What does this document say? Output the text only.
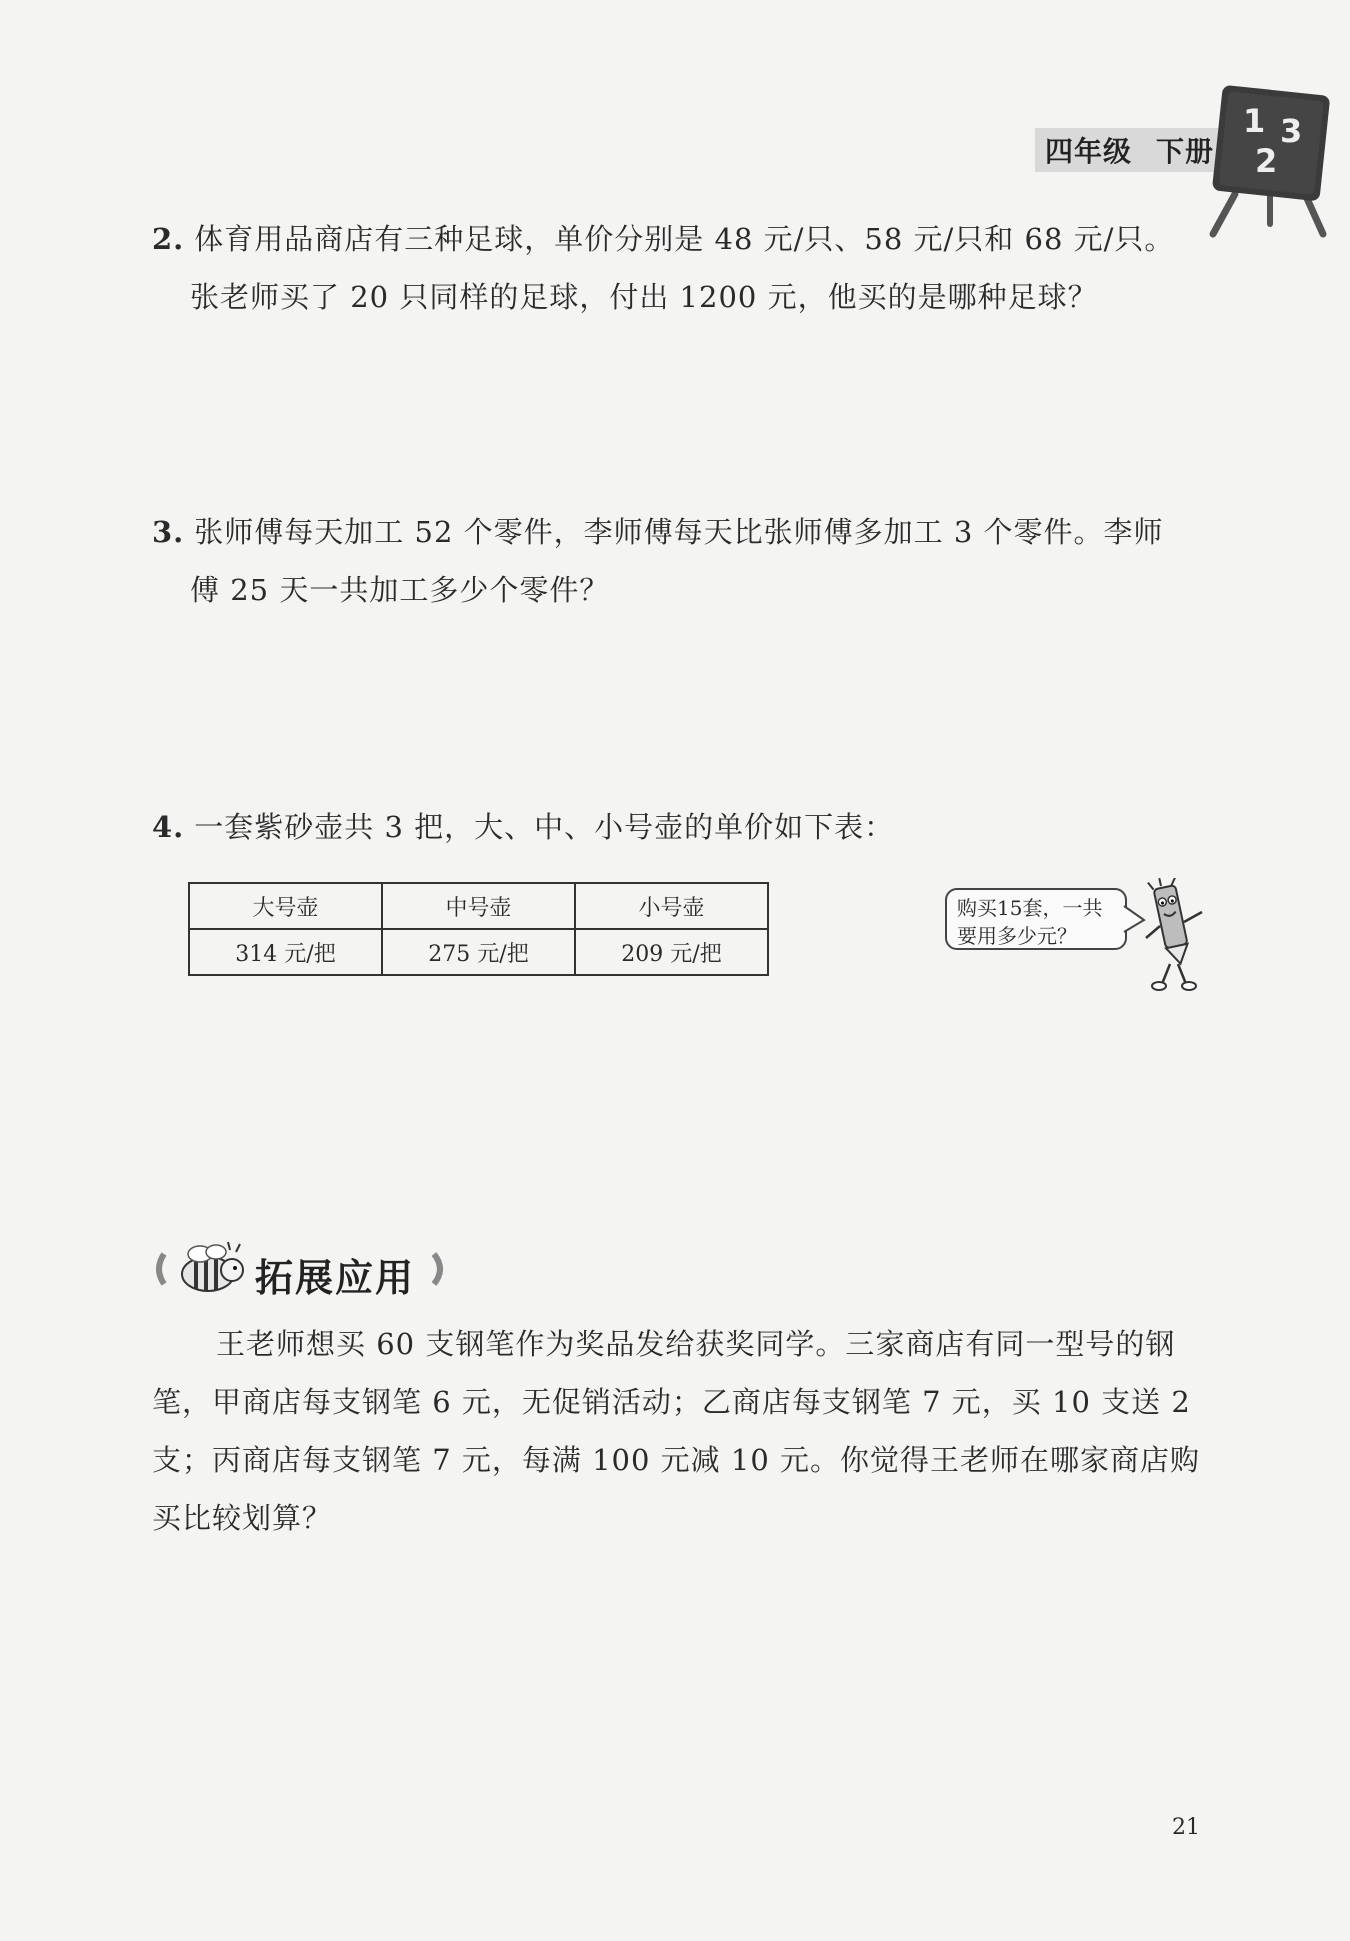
四年级 下册
1 3
2
2. 体育用品商店有三种足球，单价分别是 48 元/只、58 元/只和 68 元/只。
张老师买了 20 只同样的足球，付出 1200 元，他买的是哪种足球？
3. 张师傅每天加工 52 个零件，李师傅每天比张师傅多加工 3 个零件。李师
傅 25 天一共加工多少个零件？
4. 一套紫砂壶共 3 把，大、中、小号壶的单价如下表：
大号壶	中号壶	小号壶
314 元/把	275 元/把	209 元/把
购买15套，一共
要用多少元？
拓展应用

王老师想买 60 支钢笔作为奖品发给获奖同学。三家商店有同一型号的钢笔，甲商店每支钢笔 6 元，无促销活动；乙商店每支钢笔 7 元，买 10 支送 2 支；丙商店每支钢笔 7 元，每满 100 元减 10 元。你觉得王老师在哪家商店购买比较划算？

21
